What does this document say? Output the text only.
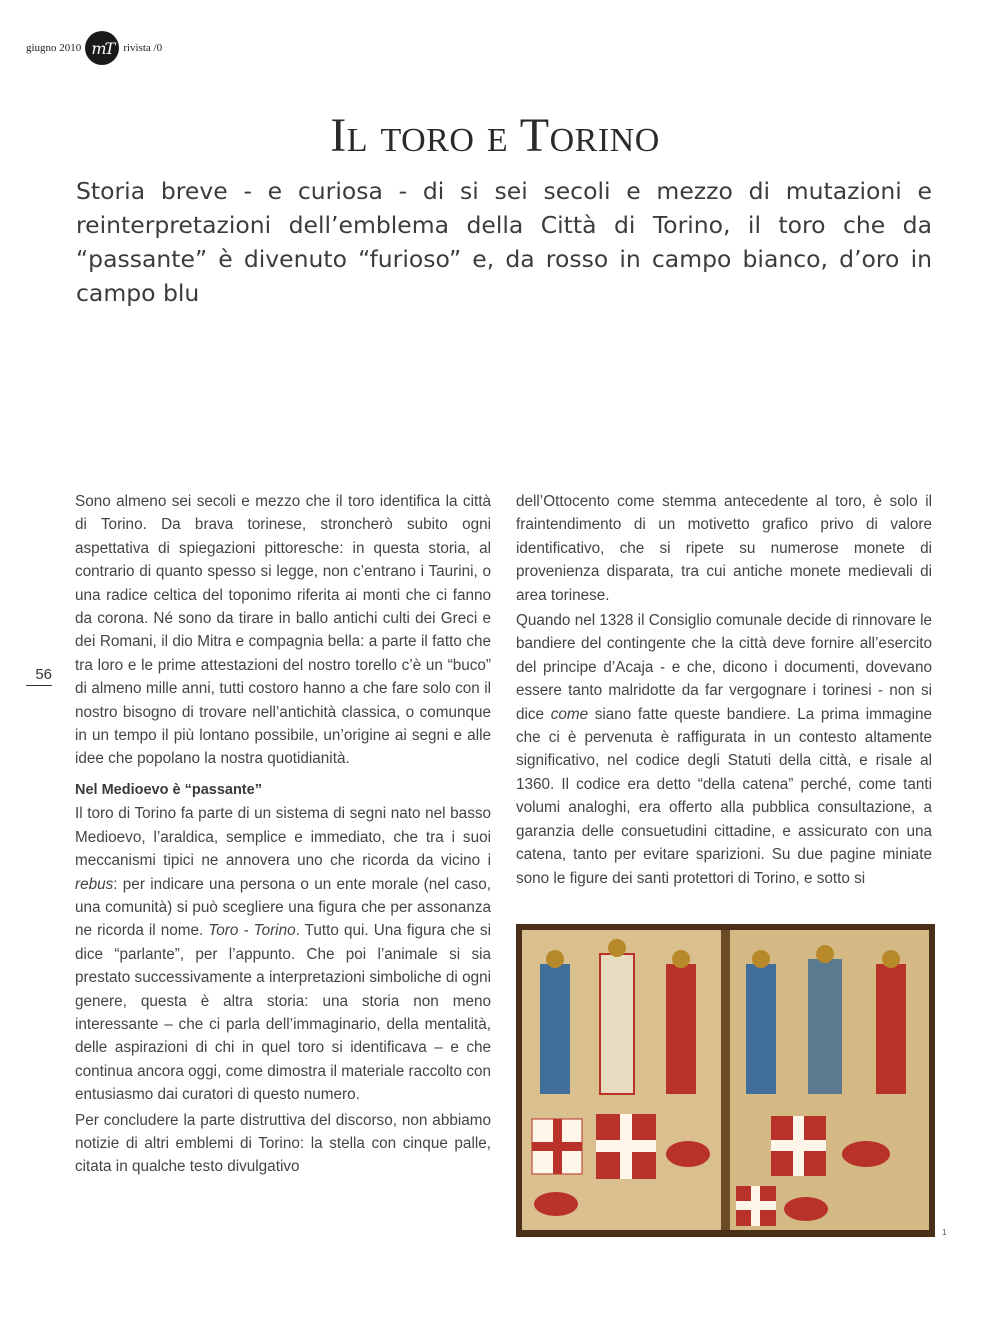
giugno 2010 mT rivista /0
Il toro e Torino

Storia breve - e curiosa - di si sei secoli e mezzo di mutazioni e reinterpretazioni dell’emblema della Città di Torino, il toro che da “passante” è divenuto “furioso” e, da rosso in campo bianco, d’oro in campo blu

56

Sono almeno sei secoli e mezzo che il toro identifica la città di Torino. Da brava torinese, stroncherò subito ogni aspettativa di spiegazioni pittoresche: in questa storia, al contrario di quanto spesso si legge, non c’entrano i Taurini, o una radice celtica del toponimo riferita ai monti che ci fanno da corona. Né sono da tirare in ballo antichi culti dei Greci e dei Romani, il dio Mitra e compagnia bella: a parte il fatto che tra loro e le prime attestazioni del nostro torello c’è un “buco” di almeno mille anni, tutti costoro hanno a che fare solo con il nostro bisogno di trovare nell’antichità classica, o comunque in un tempo il più lontano possibile, un’origine ai segni e alle idee che popolano la nostra quotidianità.

Nel Medioevo è “passante”

Il toro di Torino fa parte di un sistema di segni nato nel basso Medioevo, l’araldica, semplice e immediato, che tra i suoi meccanismi tipici ne annovera uno che ricorda da vicino i rebus: per indicare una persona o un ente morale (nel caso, una comunità) si può scegliere una figura che per assonanza ne ricorda il nome. Toro - Torino. Tutto qui. Una figura che si dice “parlante”, per l’appunto. Che poi l’animale si sia prestato successivamente a interpretazioni simboliche di ogni genere, questa è altra storia: una storia non meno interessante – che ci parla dell’immaginario, della mentalità, delle aspirazioni di chi in quel toro si identificava – e che continua ancora oggi, come dimostra il materiale raccolto con entusiasmo dai curatori di questo numero.

Per concludere la parte distruttiva del discorso, non abbiamo notizie di altri emblemi di Torino: la stella con cinque palle, citata in qualche testo divulgativo

dell’Ottocento come stemma antecedente al toro, è solo il fraintendimento di un motivetto grafico privo di valore identificativo, che si ripete su numerose monete di provenienza disparata, tra cui antiche monete medievali di area torinese.

Quando nel 1328 il Consiglio comunale decide di rinnovare le bandiere del contingente che la città deve fornire all’esercito del principe d’Acaja - e che, dicono i documenti, dovevano essere tanto malridotte da far vergognare i torinesi - non si dice come siano fatte queste bandiere. La prima immagine che ci è pervenuta è raffigurata in un contesto altamente significativo, nel codice degli Statuti della città, e risale al 1360. Il codice era detto “della catena” perché, come tanti volumi analoghi, era offerto alla pubblica consultazione, a garanzia delle consuetudini cittadine, e assicurato con una catena, tanto per evitare sparizioni. Su due pagine miniate sono le figure dei santi protettori di Torino, e sotto si

1
